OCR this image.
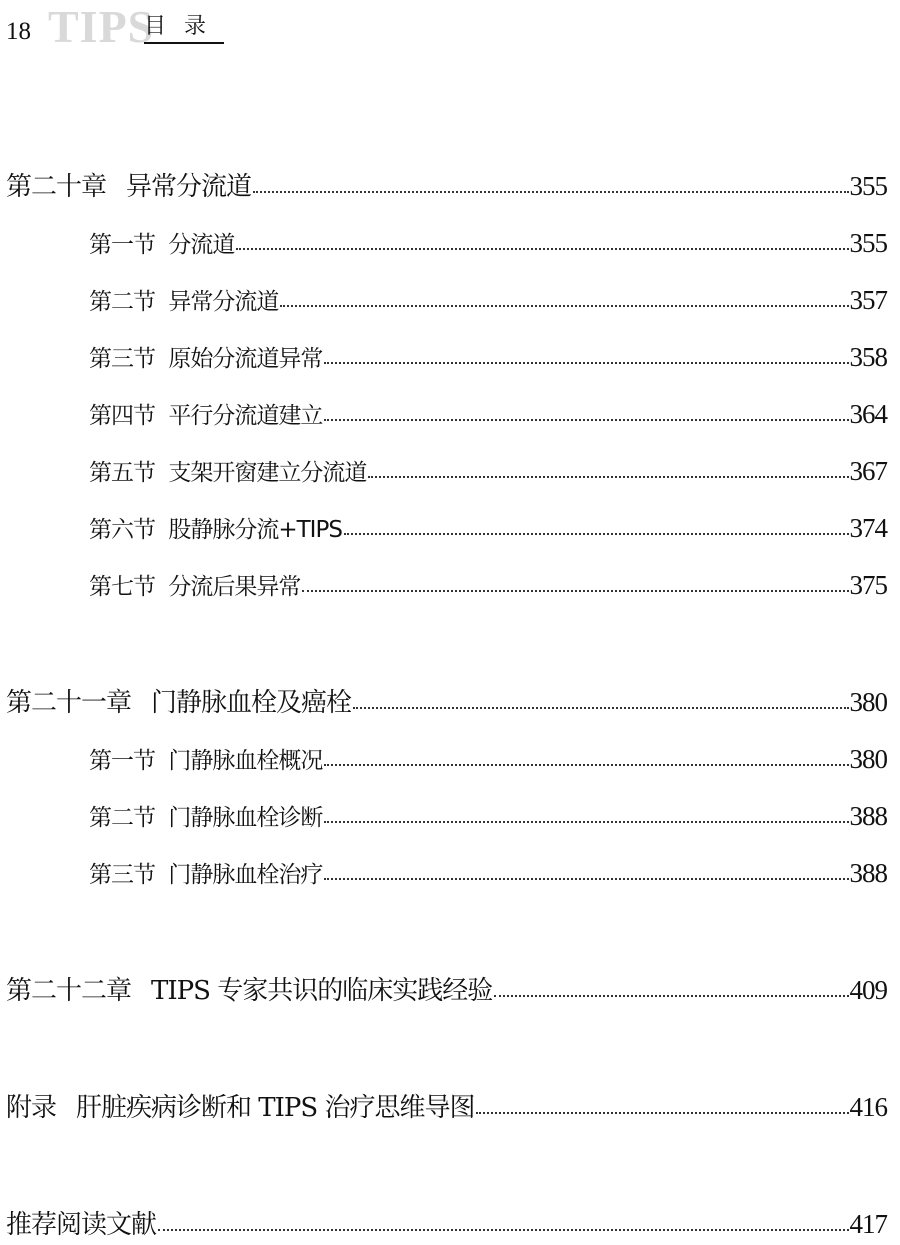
18 TIPS
目录
第二十章 异常分流道	355
第一节 分流道	355
第二节 异常分流道	357
第三节 原始分流道异常	358
第四节 平行分流道建立	364
第五节 支架开窗建立分流道	367
第六节 股静脉分流+TIPS	374
第七节 分流后果异常	375
第二十一章 门静脉血栓及癌栓	380
第一节 门静脉血栓概况	380
第二节 门静脉血栓诊断	388
第三节 门静脉血栓治疗	388
第二十二章 TIPS 专家共识的临床实践经验	409
附录 肝脏疾病诊断和 TIPS 治疗思维导图	416
推荐阅读文献	417
